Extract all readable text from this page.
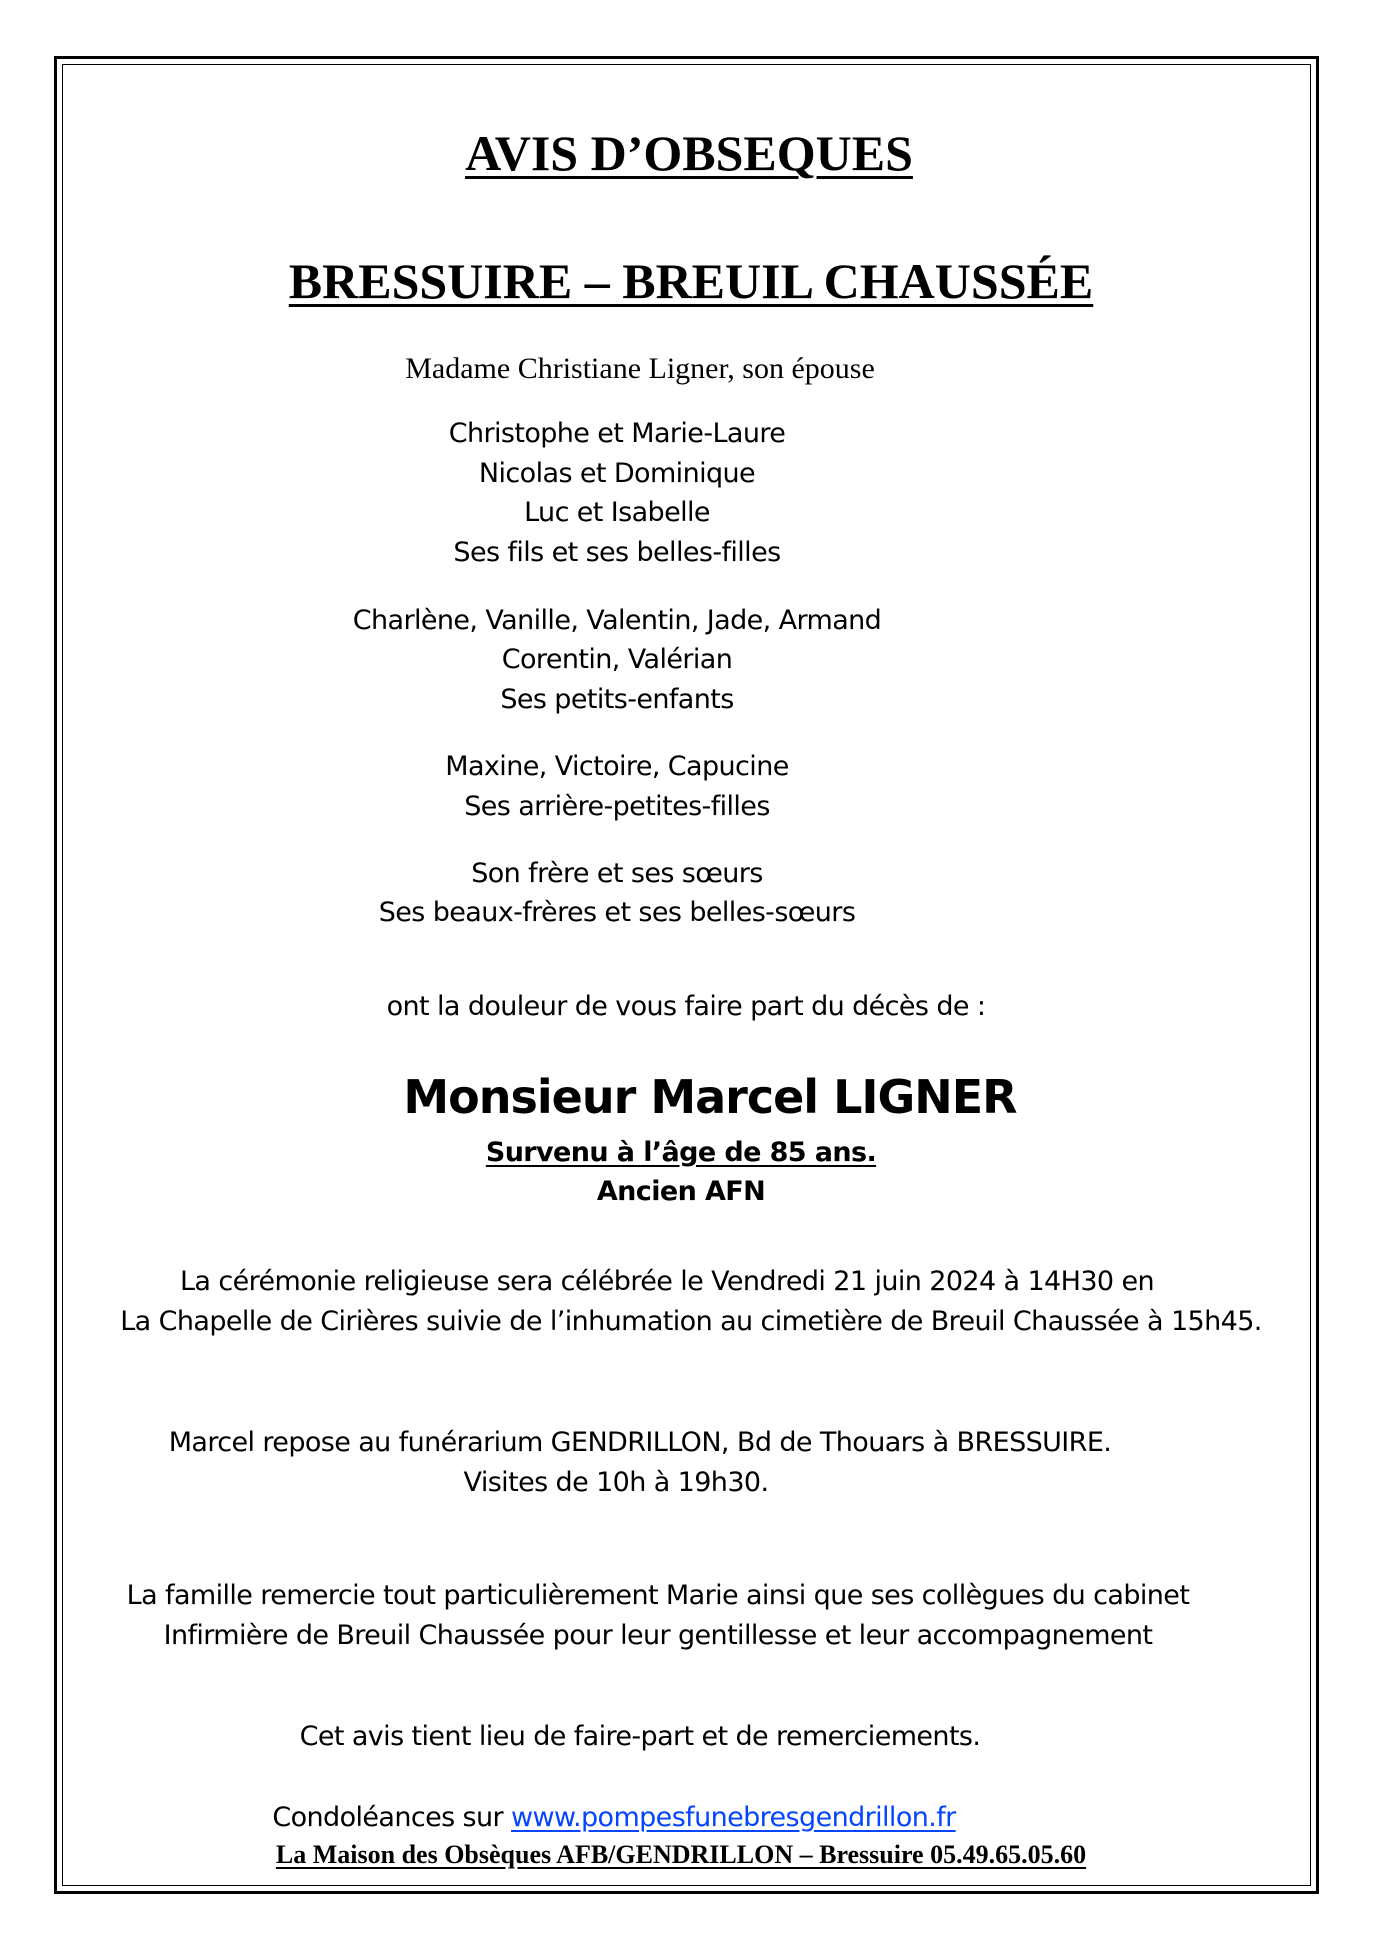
AVIS D’OBSEQUES
BRESSUIRE – BREUIL CHAUSSÉE
Madame Christiane Ligner, son épouse
Christophe et Marie-Laure
Nicolas et Dominique
Luc et Isabelle
Ses fils et ses belles-filles
Charlène, Vanille, Valentin, Jade, Armand
Corentin, Valérian
Ses petits-enfants
Maxine, Victoire, Capucine
Ses arrière-petites-filles
Son frère et ses sœurs
Ses beaux-frères et ses belles-sœurs
ont la douleur de vous faire part du décès de :
Monsieur Marcel LIGNER
Survenu à l’âge de 85 ans.
Ancien AFN
La cérémonie religieuse sera célébrée le Vendredi 21 juin 2024 à 14H30 en
La Chapelle de Cirières suivie de l’inhumation au cimetière de Breuil Chaussée à 15h45.
Marcel repose au funérarium GENDRILLON, Bd de Thouars à BRESSUIRE.
Visites de 10h à 19h30.
La famille remercie tout particulièrement Marie ainsi que ses collègues du cabinet
Infirmière de Breuil Chaussée pour leur gentillesse et leur accompagnement
Cet avis tient lieu de faire-part et de remerciements.
Condoléances sur www.pompesfunebresgendrillon.fr
La Maison des Obsèques AFB/GENDRILLON – Bressuire 05.49.65.05.60
